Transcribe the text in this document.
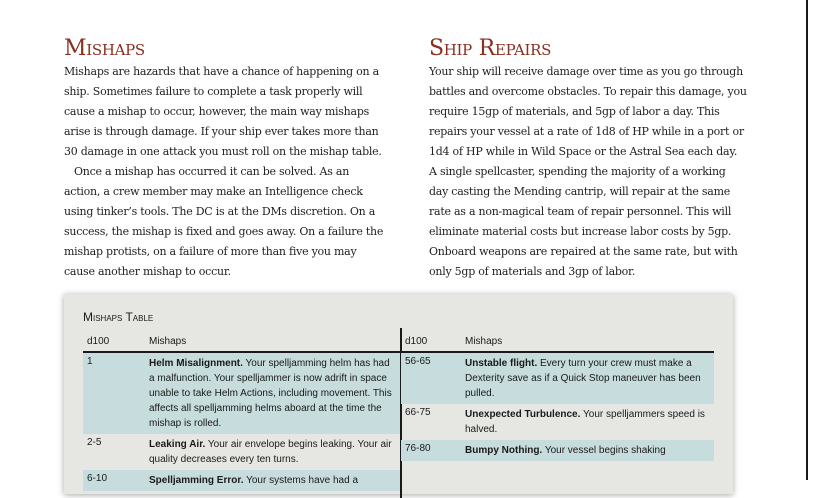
Mishaps

Mishaps are hazards that have a chance of happening on a ship. Sometimes failure to complete a task properly will cause a mishap to occur, however, the main way mishaps arise is through damage. If your ship ever takes more than 30 damage in one attack you must roll on the mishap table.

Once a mishap has occurred it can be solved. As an action, a crew member may make an Intelligence check using tinker’s tools. The DC is at the DMs discretion. On a success, the mishap is fixed and goes away. On a failure the mishap protists, on a failure of more than five you may cause another mishap to occur.

Ship Repairs

Your ship will receive damage over time as you go through battles and overcome obstacles. To repair this damage, you require 15gp of materials, and 5gp of labor a day. This repairs your vessel at a rate of 1d8 of HP while in a port or 1d4 of HP while in Wild Space or the Astral Sea each day. A single spellcaster, spending the majority of a working day casting the Mending cantrip, will repair at the same rate as a non-magical team of repair personnel. This will eliminate material costs but increase labor costs by 5gp. Onboard weapons are repaired at the same rate, but with only 5gp of materials and 3gp of labor.

Mishaps Table
d100	Mishaps
1	Helm Misalignment. Your spelljamming helm has had a malfunction. Your spelljammer is now adrift in space unable to take Helm Actions, including movement. This affects all spelljamming helms aboard at the time the mishap is rolled.
2-5	Leaking Air. Your air envelope begins leaking. Your air quality decreases every ten turns.
6-10	Spelljamming Error. Your systems have had a
d100	Mishaps
56-65	Unstable flight. Every turn your crew must make a Dexterity save as if a Quick Stop maneuver has been pulled.
66-75	Unexpected Turbulence. Your spelljammers speed is halved.
76-80	Bumpy Nothing. Your vessel begins shaking
